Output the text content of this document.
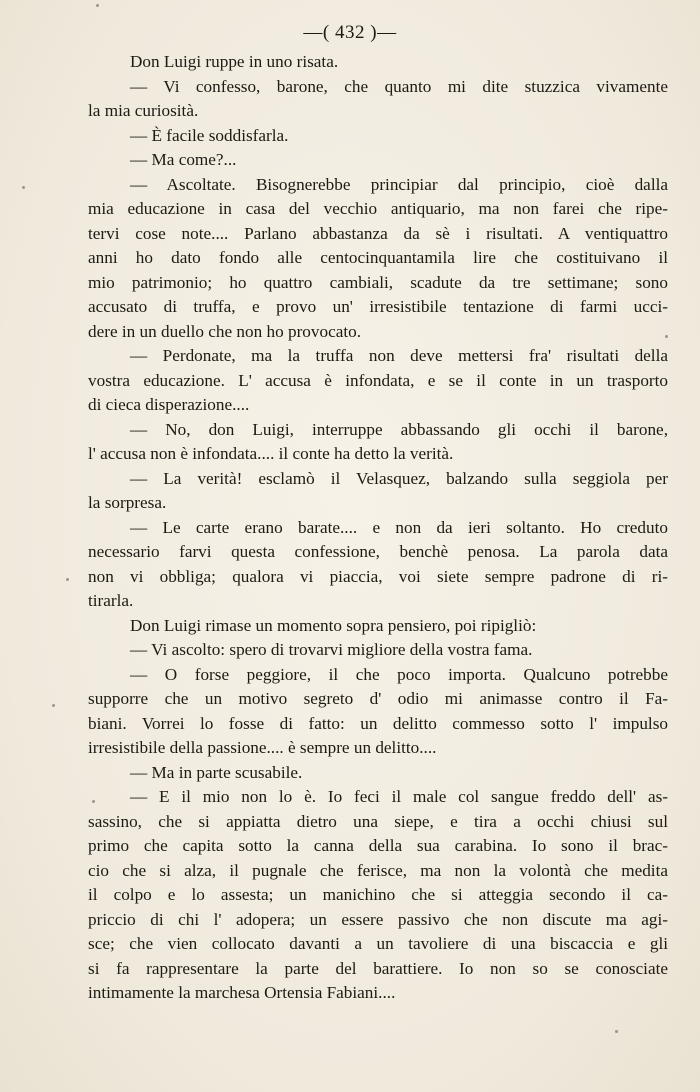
—( 432 )—
Don Luigi ruppe in uno risata.
— Vi confesso, barone, che quanto mi dite stuzzica vivamente
la mia curiosità.
— È facile soddisfarla.
— Ma come?...
— Ascoltate. Bisognerebbe principiar dal principio, cioè dalla
mia educazione in casa del vecchio antiquario, ma non farei che ripe-
tervi cose note.... Parlano abbastanza da sè i risultati. A ventiquattro
anni ho dato fondo alle centocinquantamila lire che costituivano il
mio patrimonio; ho quattro cambiali, scadute da tre settimane; sono
accusato di truffa, e provo un' irresistibile tentazione di farmi ucci-
dere in un duello che non ho provocato.
— Perdonate, ma la truffa non deve mettersi fra' risultati della
vostra educazione. L' accusa è infondata, e se il conte in un trasporto
di cieca disperazione....
— No, don Luigi, interruppe abbassando gli occhi il barone,
l' accusa non è infondata.... il conte ha detto la verità.
— La verità! esclamò il Velasquez, balzando sulla seggiola per
la sorpresa.
— Le carte erano barate.... e non da ieri soltanto. Ho creduto
necessario farvi questa confessione, benchè penosa. La parola data
non vi obbliga; qualora vi piaccia, voi siete sempre padrone di ri-
tirarla.
Don Luigi rimase un momento sopra pensiero, poi ripigliò:
— Vi ascolto: spero di trovarvi migliore della vostra fama.
— O forse peggiore, il che poco importa. Qualcuno potrebbe
supporre che un motivo segreto d' odio mi animasse contro il Fa-
biani. Vorrei lo fosse di fatto: un delitto commesso sotto l' impulso
irresistibile della passione.... è sempre un delitto....
— Ma in parte scusabile.
— E il mio non lo è. Io feci il male col sangue freddo dell' as-
sassino, che si appiatta dietro una siepe, e tira a occhi chiusi sul
primo che capita sotto la canna della sua carabina. Io sono il brac-
cio che si alza, il pugnale che ferisce, ma non la volontà che medita
il colpo e lo assesta; un manichino che si atteggia secondo il ca-
priccio di chi l' adopera; un essere passivo che non discute ma agi-
sce; che vien collocato davanti a un tavoliere di una biscaccia e gli
si fa rappresentare la parte del barattiere. Io non so se conosciate
intimamente la marchesa Ortensia Fabiani....
